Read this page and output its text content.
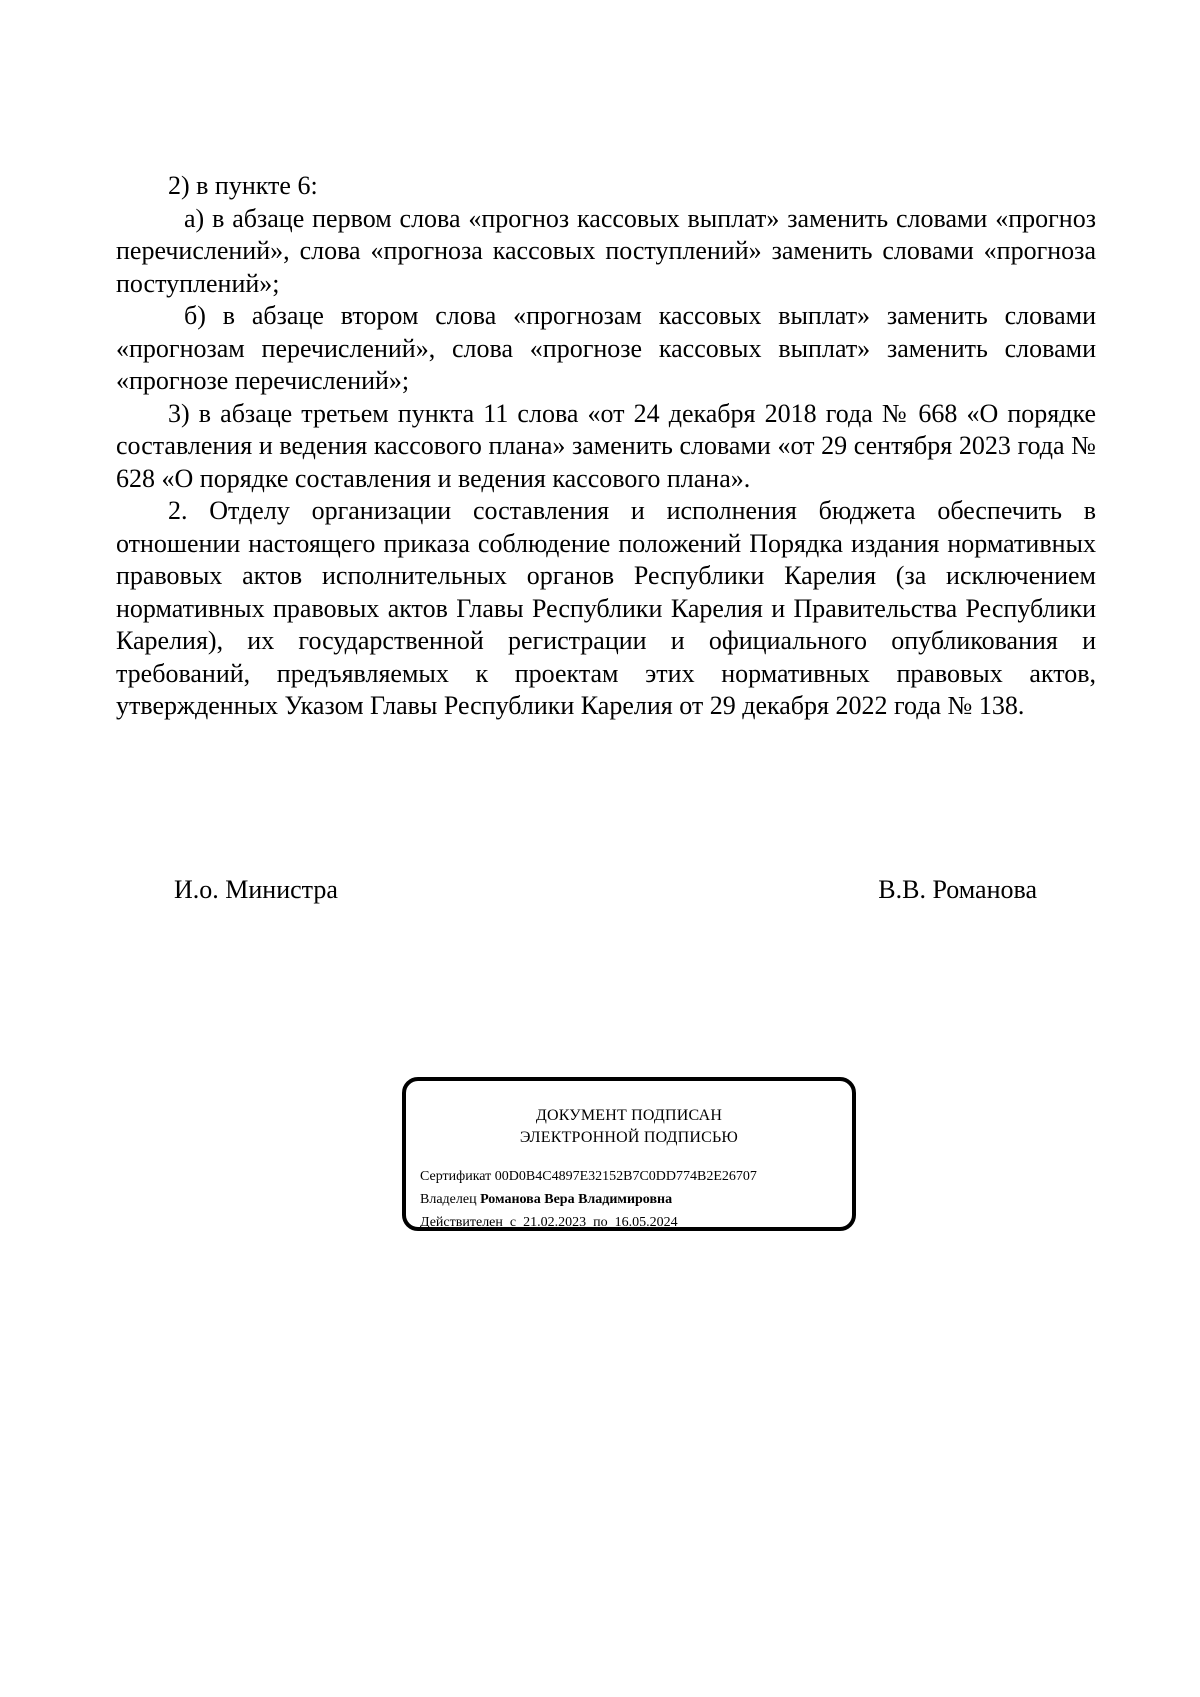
2) в пункте 6:

а) в абзаце первом слова «прогноз кассовых выплат» заменить словами «прогноз перечислений», слова «прогноза кассовых поступлений» заменить словами «прогноза поступлений»;

б) в абзаце втором слова «прогнозам кассовых выплат» заменить словами «прогнозам перечислений», слова «прогнозе кассовых выплат» заменить словами «прогнозе перечислений»;

3) в абзаце третьем пункта 11 слова «от 24 декабря 2018 года № 668 «О порядке составления и ведения кассового плана» заменить словами «от 29 сентября 2023 года № 628 «О порядке составления и ведения кассового плана».

2. Отделу организации составления и исполнения бюджета обеспечить в отношении настоящего приказа соблюдение положений Порядка издания нормативных правовых актов исполнительных органов Республики Карелия (за исключением нормативных правовых актов Главы Республики Карелия и Правительства Республики Карелия), их государственной регистрации и официального опубликования и требований, предъявляемых к проектам этих нормативных правовых актов, утвержденных Указом Главы Республики Карелия от 29 декабря 2022 года № 138.

И.о. Министра	В.В. Романова
ДОКУМЕНТ ПОДПИСАН
ЭЛЕКТРОННОЙ ПОДПИСЬЮ
Сертификат 00D0B4C4897E32152B7C0DD774B2E26707
Владелец Романова Вера Владимировна
Действителен с 21.02.2023 по 16.05.2024
